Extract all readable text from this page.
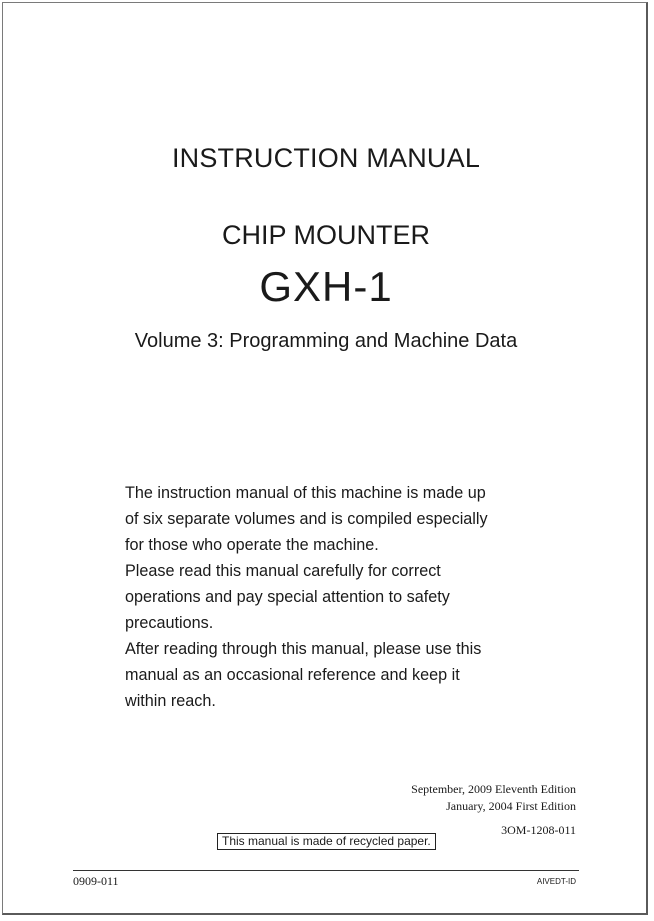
INSTRUCTION MANUAL
CHIP MOUNTER
GXH-1
Volume 3: Programming and Machine Data
The instruction manual of this machine is made up
of six separate volumes and is compiled especially
for those who operate the machine.
Please read this manual carefully for correct
operations and pay special attention to safety
precautions.
After reading through this manual, please use this
manual as an occasional reference and keep it
within reach.
September, 2009 Eleventh Edition
January, 2004 First Edition
3OM-1208-011
This manual is made of recycled paper.
0909-011	AIVEDT-ID
